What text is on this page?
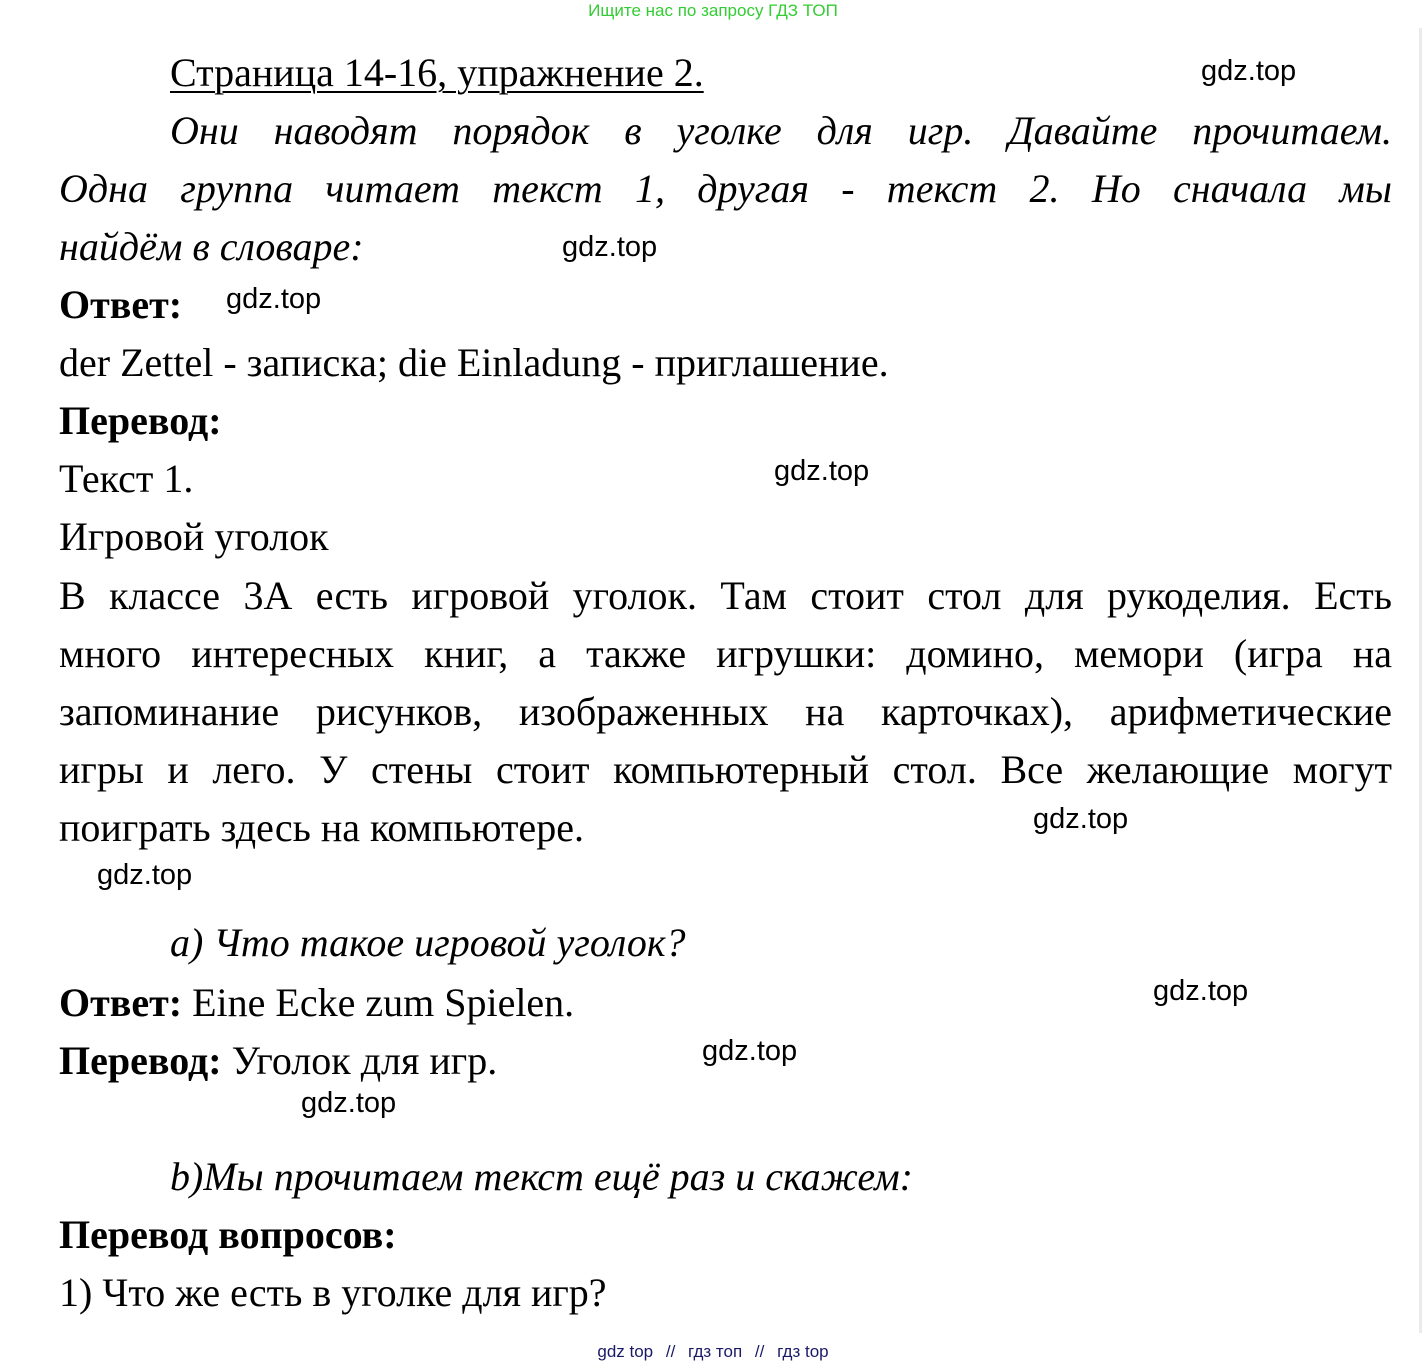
Ищите нас по запросу ГДЗ ТОП
Страница 14-16, упражнение 2.
Они наводят порядок в уголке для игр. Давайте прочитаем.
Одна группа читает текст 1, другая - текст 2. Но сначала мы
найдём в словаре:
Ответ:
der Zettel - записка; die Einladung - приглашение.
Перевод:
Текст 1.
Игровой уголок
В классе 3А есть игровой уголок. Там стоит стол для рукоделия. Есть
много интересных книг, а также игрушки: домино, мемори (игра на
запоминание рисунков, изображенных на карточках), арифметические
игры и лего. У стены стоит компьютерный стол. Все желающие могут
поиграть здесь на компьютере.
a) Что такое игровой уголок?
Ответ: Eine Ecke zum Spielen.
Перевод: Уголок для игр.
b)Мы прочитаем текст ещё раз и скажем:
Перевод вопросов:
1) Что же есть в уголке для игр?
gdz.top
gdz.top
gdz.top
gdz.top
gdz.top
gdz.top
gdz.top
gdz.top
gdz.top
gdz top // гдз топ // гдз top
